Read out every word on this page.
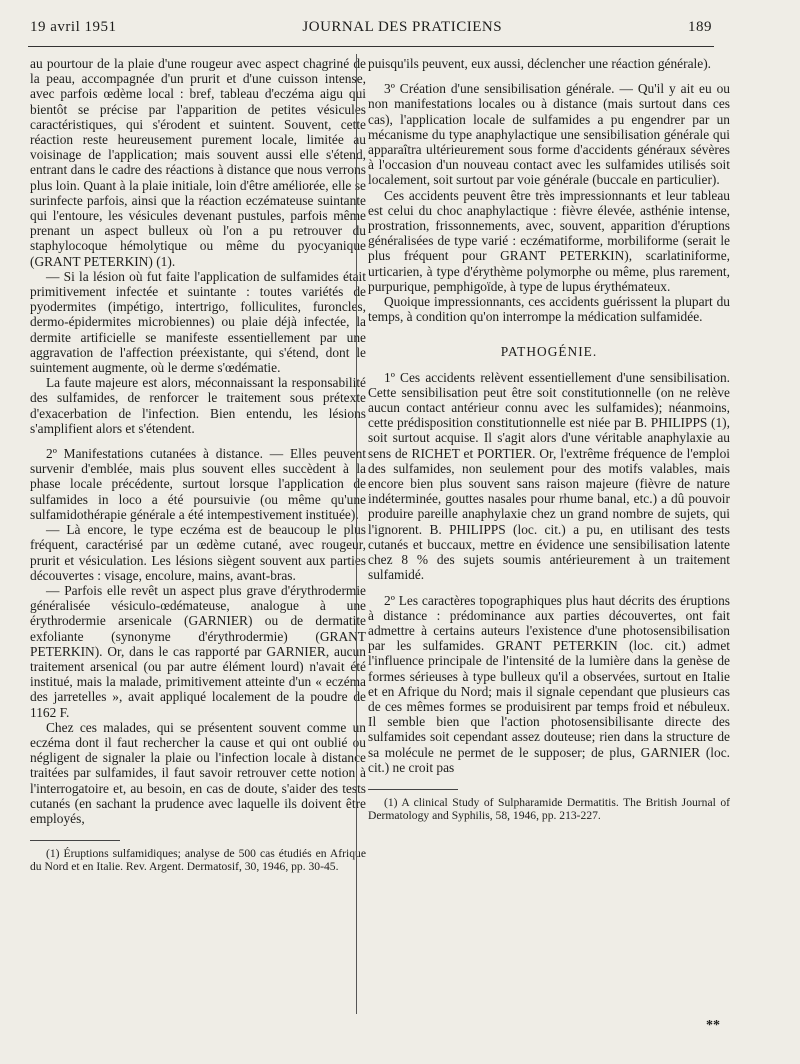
19 avril 1951	JOURNAL DES PRATICIENS	189

au pourtour de la plaie d'une rougeur avec aspect chagriné de la peau, accompagnée d'un prurit et d'une cuisson intense, avec parfois œdème local : bref, tableau d'eczéma aigu qui bientôt se précise par l'apparition de petites vésicules caractéristiques, qui s'érodent et suintent. Souvent, cette réaction reste heureusement purement locale, limitée au voisinage de l'application; mais souvent aussi elle s'étend, entrant dans le cadre des réactions à distance que nous verrons plus loin. Quant à la plaie initiale, loin d'être améliorée, elle se surinfecte parfois, ainsi que la réaction eczémateuse suintante qui l'entoure, les vésicules devenant pustules, parfois même prenant un aspect bulleux où l'on a pu retrouver du staphylocoque hémolytique ou même du pyocyanique (GRANT PETERKIN) (1).

— Si la lésion où fut faite l'application de sulfamides était primitivement infectée et suintante : toutes variétés de pyodermites (impétigo, intertrigo, folliculites, furoncles, dermo-épidermites microbiennes) ou plaie déjà infectée, la dermite artificielle se manifeste essentiellement par une aggravation de l'affection préexistante, qui s'étend, dont le suintement augmente, où le derme s'œdématie.

La faute majeure est alors, méconnaissant la responsabilité des sulfamides, de renforcer le traitement sous prétexte d'exacerbation de l'infection. Bien entendu, les lésions s'amplifient alors et s'étendent.

2º Manifestations cutanées à distance. — Elles peuvent survenir d'emblée, mais plus souvent elles succèdent à la phase locale précédente, surtout lorsque l'application de sulfamides in loco a été poursuivie (ou même qu'une sulfamidothérapie générale a été intempestivement instituée).

— Là encore, le type eczéma est de beaucoup le plus fréquent, caractérisé par un œdème cutané, avec rougeur, prurit et vésiculation. Les lésions siègent souvent aux parties découvertes : visage, encolure, mains, avant-bras.

— Parfois elle revêt un aspect plus grave d'érythrodermie généralisée vésiculo-œdémateuse, analogue à une érythrodermie arsenicale (GARNIER) ou de dermatite exfoliante (synonyme d'érythrodermie) (GRANT PETERKIN). Or, dans le cas rapporté par GARNIER, aucun traitement arsenical (ou par autre élément lourd) n'avait été institué, mais la malade, primitivement atteinte d'un « eczéma des jarretelles », avait appliqué localement de la poudre de 1162 F.

Chez ces malades, qui se présentent souvent comme un eczéma dont il faut rechercher la cause et qui ont oublié ou négligent de signaler la plaie ou l'infection locale à distance traitées par sulfamides, il faut savoir retrouver cette notion à l'interrogatoire et, au besoin, en cas de doute, s'aider des tests cutanés (en sachant la prudence avec laquelle ils doivent être employés,

(1) Éruptions sulfamidiques; analyse de 500 cas étudiés en Afrique du Nord et en Italie. Rev. Argent. Dermatosif, 30, 1946, pp. 30-45.

puisqu'ils peuvent, eux aussi, déclencher une réaction générale).

3º Création d'une sensibilisation générale. — Qu'il y ait eu ou non manifestations locales ou à distance (mais surtout dans ces cas), l'application locale de sulfamides a pu engendrer par un mécanisme du type anaphylactique une sensibilisation générale qui apparaîtra ultérieurement sous forme d'accidents généraux sévères à l'occasion d'un nouveau contact avec les sulfamides utilisés soit localement, soit surtout par voie générale (buccale en particulier).

Ces accidents peuvent être très impressionnants et leur tableau est celui du choc anaphylactique : fièvre élevée, asthénie intense, prostration, frissonnements, avec, souvent, apparition d'éruptions généralisées de type varié : eczématiforme, morbiliforme (serait le plus fréquent pour GRANT PETERKIN), scarlatiniforme, urticarien, à type d'érythème polymorphe ou même, plus rarement, purpurique, pemphigoïde, à type de lupus érythémateux.

Quoique impressionnants, ces accidents guérissent la plupart du temps, à condition qu'on interrompe la médication sulfamidée.

PATHOGÉNIE.

1º Ces accidents relèvent essentiellement d'une sensibilisation. Cette sensibilisation peut être soit constitutionnelle (on ne relève aucun contact antérieur connu avec les sulfamides); néanmoins, cette prédisposition constitutionnelle est niée par B. PHILIPPS (1), soit surtout acquise. Il s'agit alors d'une véritable anaphylaxie au sens de RICHET et PORTIER. Or, l'extrême fréquence de l'emploi des sulfamides, non seulement pour des motifs valables, mais encore bien plus souvent sans raison majeure (fièvre de nature indéterminée, gouttes nasales pour rhume banal, etc.) a dû pouvoir produire pareille anaphylaxie chez un grand nombre de sujets, qui l'ignorent. B. PHILIPPS (loc. cit.) a pu, en utilisant des tests cutanés et buccaux, mettre en évidence une sensibilisation latente chez 8 % des sujets soumis antérieurement à un traitement sulfamidé.

2º Les caractères topographiques plus haut décrits des éruptions à distance : prédominance aux parties découvertes, ont fait admettre à certains auteurs l'existence d'une photosensibilisation par les sulfamides. GRANT PETERKIN (loc. cit.) admet l'influence principale de l'intensité de la lumière dans la genèse de formes sérieuses à type bulleux qu'il a observées, surtout en Italie et en Afrique du Nord; mais il signale cependant que plusieurs cas de ces mêmes formes se produisirent par temps froid et nébuleux. Il semble bien que l'action photosensibilisante directe des sulfamides soit cependant assez douteuse; rien dans la structure de sa molécule ne permet de le supposer; de plus, GARNIER (loc. cit.) ne croit pas

(1) A clinical Study of Sulpharamide Dermatitis. The British Journal of Dermatology and Syphilis, 58, 1946, pp. 213-227.

**
